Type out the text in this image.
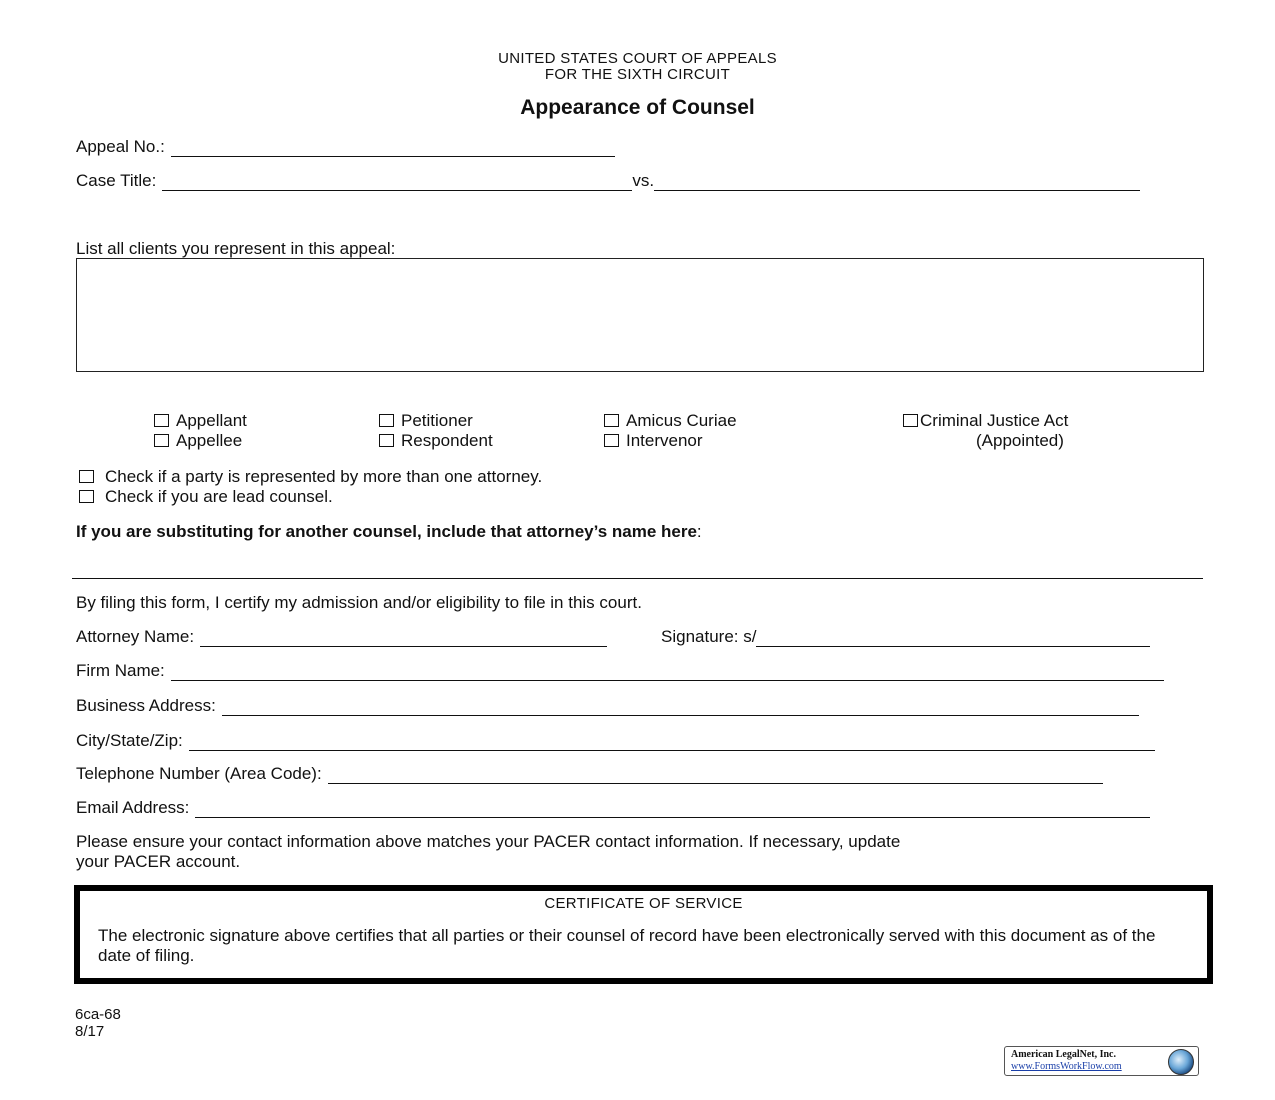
UNITED STATES COURT OF APPEALS
FOR THE SIXTH CIRCUIT
Appearance of Counsel
Appeal No.:
Case Title:	vs.
List all clients you represent in this appeal:
Appellant
Appellee
Petitioner
Respondent
Amicus Curiae
Intervenor
Criminal Justice Act
(Appointed)
Check if a party is represented by more than one attorney.
Check if you are lead counsel.
If you are substituting for another counsel, include that attorney’s name here:
By filing this form, I certify my admission and/or eligibility to file in this court.
Attorney Name:	Signature: s/
Firm Name:
Business Address:
City/State/Zip:
Telephone Number (Area Code):
Email Address:
Please ensure your contact information above matches your PACER contact information. If necessary, update
your PACER account.
CERTIFICATE OF SERVICE
The electronic signature above certifies that all parties or their counsel of record have been electronically served with this document as of the date of filing.
6ca-68
8/17
American LegalNet, Inc.
www.FormsWorkFlow.com
